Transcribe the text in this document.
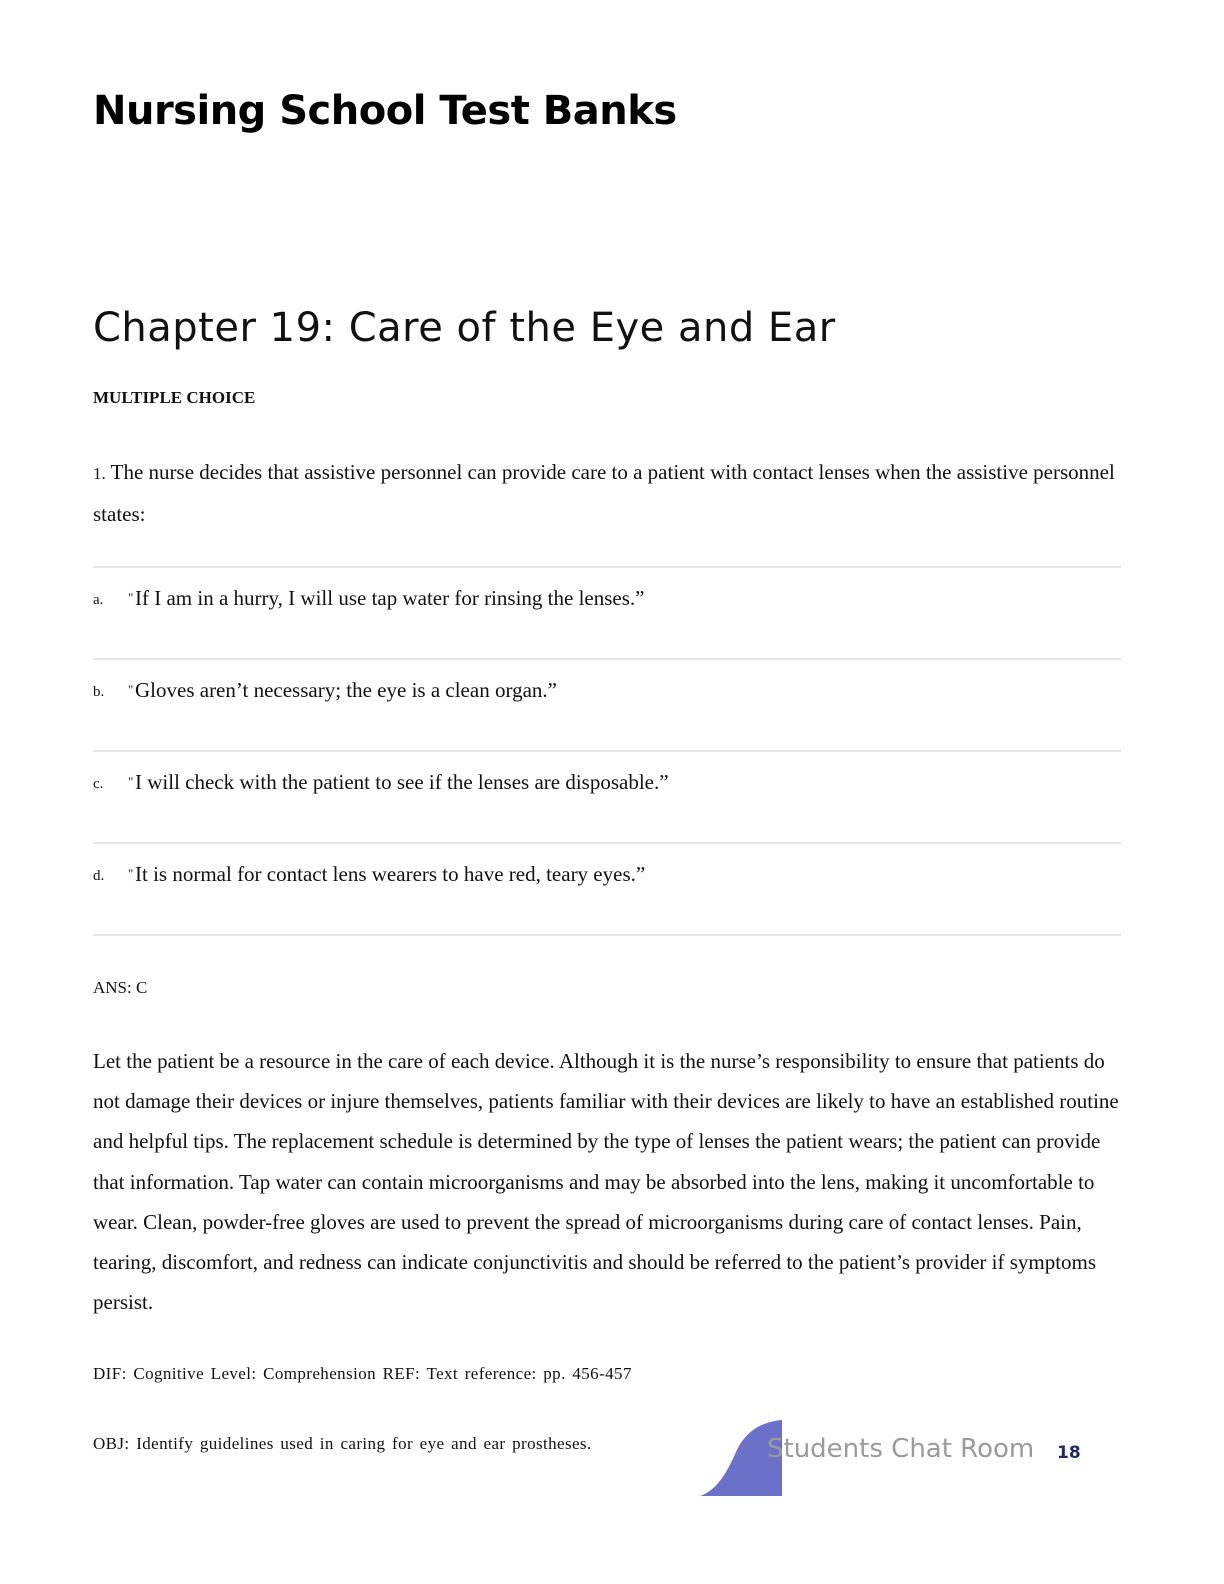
Nursing School Test Banks
Chapter 19: Care of the Eye and Ear
MULTIPLE CHOICE
1. The nurse decides that assistive personnel can provide care to a patient with contact lenses when the assistive personnel states:
a. " If I am in a hurry, I will use tap water for rinsing the lenses.”
b. " Gloves aren’t necessary; the eye is a clean organ.”
c. " I will check with the patient to see if the lenses are disposable.”
d. " It is normal for contact lens wearers to have red, teary eyes.”
ANS: C

Let the patient be a resource in the care of each device. Although it is the nurse’s responsibility to ensure that patients do not damage their devices or injure themselves, patients familiar with their devices are likely to have an established routine and helpful tips. The replacement schedule is determined by the type of lenses the patient wears; the patient can provide that information. Tap water can contain microorganisms and may be absorbed into the lens, making it uncomfortable to wear. Clean, powder-free gloves are used to prevent the spread of microorganisms during care of contact lenses. Pain, tearing, discomfort, and redness can indicate conjunctivitis and should be referred to the patient’s provider if symptoms persist.

DIF: Cognitive Level: Comprehension REF: Text reference: pp. 456-457
OBJ: Identify guidelines used in caring for eye and ear prostheses.	Students Chat Room 18
